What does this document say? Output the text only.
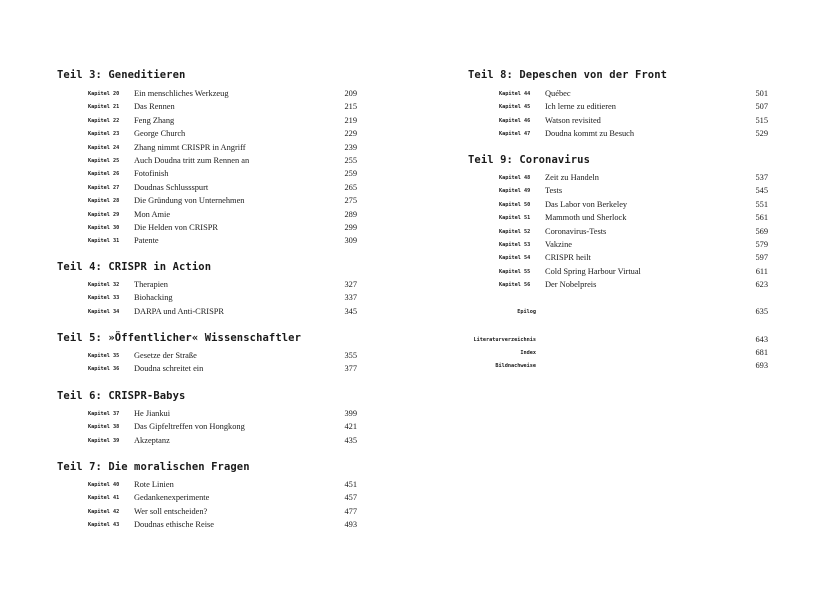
Teil 3: Geneditieren
Kapitel 20 Ein menschliches Werkzeug	209
Kapitel 21 Das Rennen	215
Kapitel 22 Feng Zhang	219
Kapitel 23 George Church	229
Kapitel 24 Zhang nimmt CRISPR in Angriff	239
Kapitel 25 Auch Doudna tritt zum Rennen an	255
Kapitel 26 Fotofinish	259
Kapitel 27 Doudnas Schlussspurt	265
Kapitel 28 Die Gründung von Unternehmen	275
Kapitel 29 Mon Amie	289
Kapitel 30 Die Helden von CRISPR	299
Kapitel 31 Patente	309
Teil 4: CRISPR in Action
Kapitel 32 Therapien	327
Kapitel 33 Biohacking	337
Kapitel 34 DARPA und Anti-CRISPR	345
Teil 5: »Öffentlicher« Wissenschaftler
Kapitel 35 Gesetze der Straße	355
Kapitel 36 Doudna schreitet ein	377
Teil 6: CRISPR-Babys
Kapitel 37 He Jiankui	399
Kapitel 38 Das Gipfeltreffen von Hongkong	421
Kapitel 39 Akzeptanz	435
Teil 7: Die moralischen Fragen
Kapitel 40 Rote Linien	451
Kapitel 41 Gedankenexperimente	457
Kapitel 42 Wer soll entscheiden?	477
Kapitel 43 Doudnas ethische Reise	493
Teil 8: Depeschen von der Front
Kapitel 44 Québec	501
Kapitel 45 Ich lerne zu editieren	507
Kapitel 46 Watson revisited	515
Kapitel 47 Doudna kommt zu Besuch	529
Teil 9: Coronavirus
Kapitel 48 Zeit zu Handeln	537
Kapitel 49 Tests	545
Kapitel 50 Das Labor von Berkeley	551
Kapitel 51 Mammoth und Sherlock	561
Kapitel 52 Coronavirus-Tests	569
Kapitel 53 Vakzine	579
Kapitel 54 CRISPR heilt	597
Kapitel 55 Cold Spring Harbour Virtual	611
Kapitel 56 Der Nobelpreis	623
Epilog	635
Literaturverzeichnis	643
Index	681
Bildnachweise	693
